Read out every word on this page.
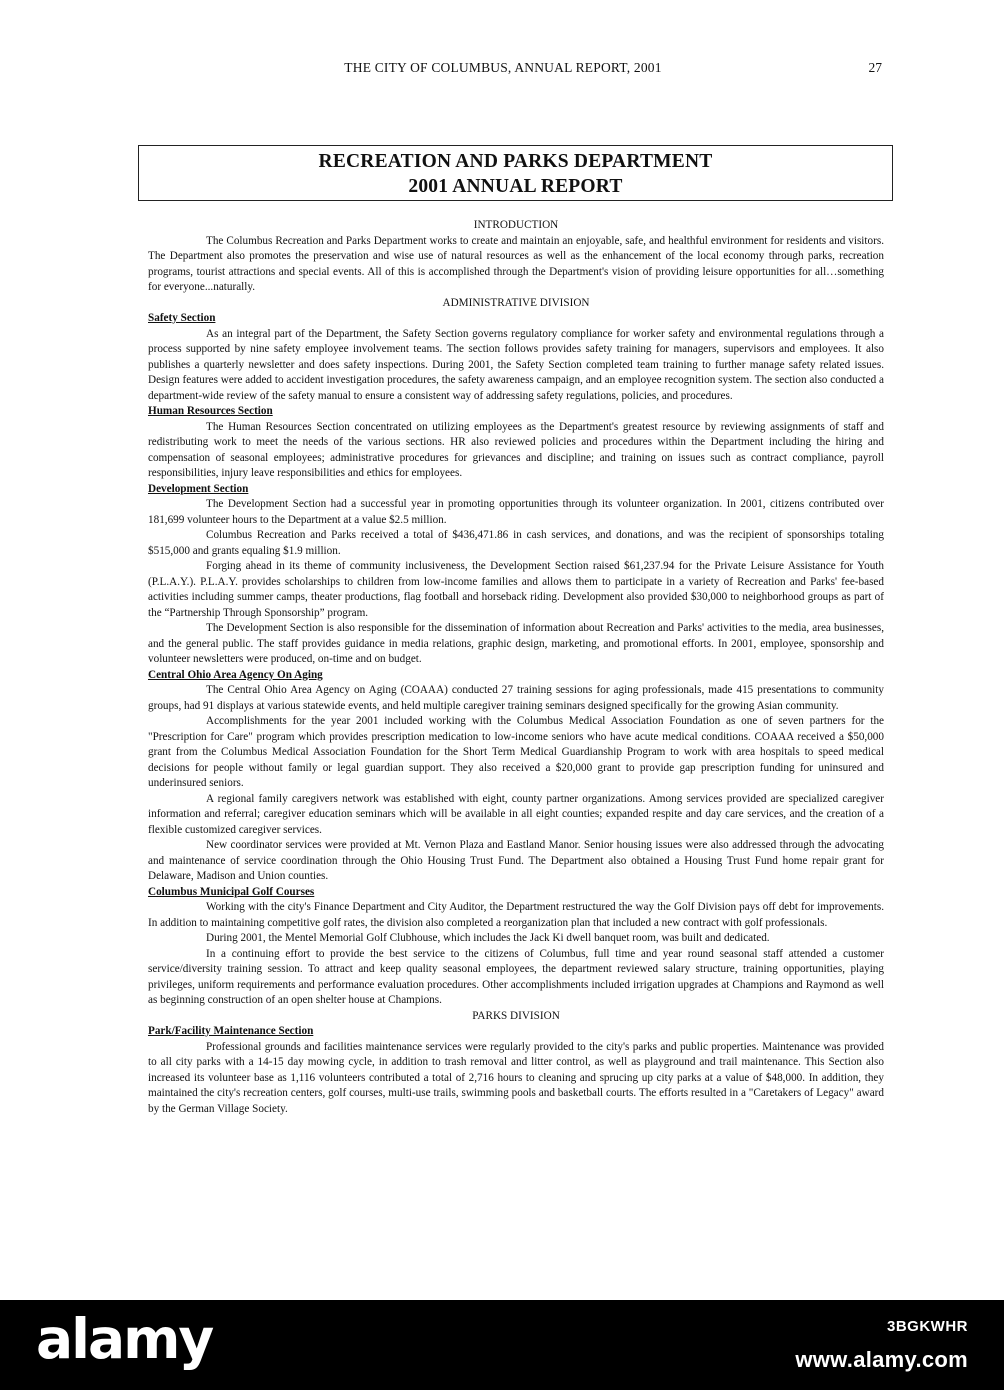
THE CITY OF COLUMBUS, ANNUAL REPORT, 2001	27
RECREATION AND PARKS DEPARTMENT
2001 ANNUAL REPORT
INTRODUCTION

The Columbus Recreation and Parks Department works to create and maintain an enjoyable, safe, and healthful environment for residents and visitors. The Department also promotes the preservation and wise use of natural resources as well as the enhancement of the local economy through parks, recreation programs, tourist attractions and special events. All of this is accomplished through the Department's vision of providing leisure opportunities for all…something for everyone...naturally.

ADMINISTRATIVE DIVISION
Safety Section

As an integral part of the Department, the Safety Section governs regulatory compliance for worker safety and environmental regulations through a process supported by nine safety employee involvement teams. The section follows provides safety training for managers, supervisors and employees. It also publishes a quarterly newsletter and does safety inspections. During 2001, the Safety Section completed team training to further manage safety related issues. Design features were added to accident investigation procedures, the safety awareness campaign, and an employee recognition system. The section also conducted a department-wide review of the safety manual to ensure a consistent way of addressing safety regulations, policies, and procedures.

Human Resources Section

The Human Resources Section concentrated on utilizing employees as the Department's greatest resource by reviewing assignments of staff and redistributing work to meet the needs of the various sections. HR also reviewed policies and procedures within the Department including the hiring and compensation of seasonal employees; administrative procedures for grievances and discipline; and training on issues such as contract compliance, payroll responsibilities, injury leave responsibilities and ethics for employees.

Development Section

The Development Section had a successful year in promoting opportunities through its volunteer organization. In 2001, citizens contributed over 181,699 volunteer hours to the Department at a value $2.5 million.

Columbus Recreation and Parks received a total of $436,471.86 in cash services, and donations, and was the recipient of sponsorships totaling $515,000 and grants equaling $1.9 million.

Forging ahead in its theme of community inclusiveness, the Development Section raised $61,237.94 for the Private Leisure Assistance for Youth (P.L.A.Y.). P.L.A.Y. provides scholarships to children from low-income families and allows them to participate in a variety of Recreation and Parks' fee-based activities including summer camps, theater productions, flag football and horseback riding. Development also provided $30,000 to neighborhood groups as part of the “Partnership Through Sponsorship” program.

The Development Section is also responsible for the dissemination of information about Recreation and Parks' activities to the media, area businesses, and the general public. The staff provides guidance in media relations, graphic design, marketing, and promotional efforts. In 2001, employee, sponsorship and volunteer newsletters were produced, on-time and on budget.

Central Ohio Area Agency On Aging

The Central Ohio Area Agency on Aging (COAAA) conducted 27 training sessions for aging professionals, made 415 presentations to community groups, had 91 displays at various statewide events, and held multiple caregiver training seminars designed specifically for the growing Asian community.

Accomplishments for the year 2001 included working with the Columbus Medical Association Foundation as one of seven partners for the "Prescription for Care" program which provides prescription medication to low-income seniors who have acute medical conditions. COAAA received a $50,000 grant from the Columbus Medical Association Foundation for the Short Term Medical Guardianship Program to work with area hospitals to speed medical decisions for people without family or legal guardian support. They also received a $20,000 grant to provide gap prescription funding for uninsured and underinsured seniors.

A regional family caregivers network was established with eight, county partner organizations. Among services provided are specialized caregiver information and referral; caregiver education seminars which will be available in all eight counties; expanded respite and day care services, and the creation of a flexible customized caregiver services.

New coordinator services were provided at Mt. Vernon Plaza and Eastland Manor. Senior housing issues were also addressed through the advocating and maintenance of service coordination through the Ohio Housing Trust Fund. The Department also obtained a Housing Trust Fund home repair grant for Delaware, Madison and Union counties.

Columbus Municipal Golf Courses

Working with the city's Finance Department and City Auditor, the Department restructured the way the Golf Division pays off debt for improvements. In addition to maintaining competitive golf rates, the division also completed a reorganization plan that included a new contract with golf professionals.

During 2001, the Mentel Memorial Golf Clubhouse, which includes the Jack Ki dwell banquet room, was built and dedicated.

In a continuing effort to provide the best service to the citizens of Columbus, full time and year round seasonal staff attended a customer service/diversity training session. To attract and keep quality seasonal employees, the department reviewed salary structure, training opportunities, playing privileges, uniform requirements and performance evaluation procedures. Other accomplishments included irrigation upgrades at Champions and Raymond as well as beginning construction of an open shelter house at Champions.

PARKS DIVISION
Park/Facility Maintenance Section

Professional grounds and facilities maintenance services were regularly provided to the city's parks and public properties. Maintenance was provided to all city parks with a 14-15 day mowing cycle, in addition to trash removal and litter control, as well as playground and trail maintenance. This Section also increased its volunteer base as 1,116 volunteers contributed a total of 2,716 hours to cleaning and sprucing up city parks at a value of $48,000. In addition, they maintained the city's recreation centers, golf courses, multi-use trails, swimming pools and basketball courts. The efforts resulted in a "Caretakers of Legacy" award by the German Village Society.

alamy	3BGKWHR
www.alamy.com
